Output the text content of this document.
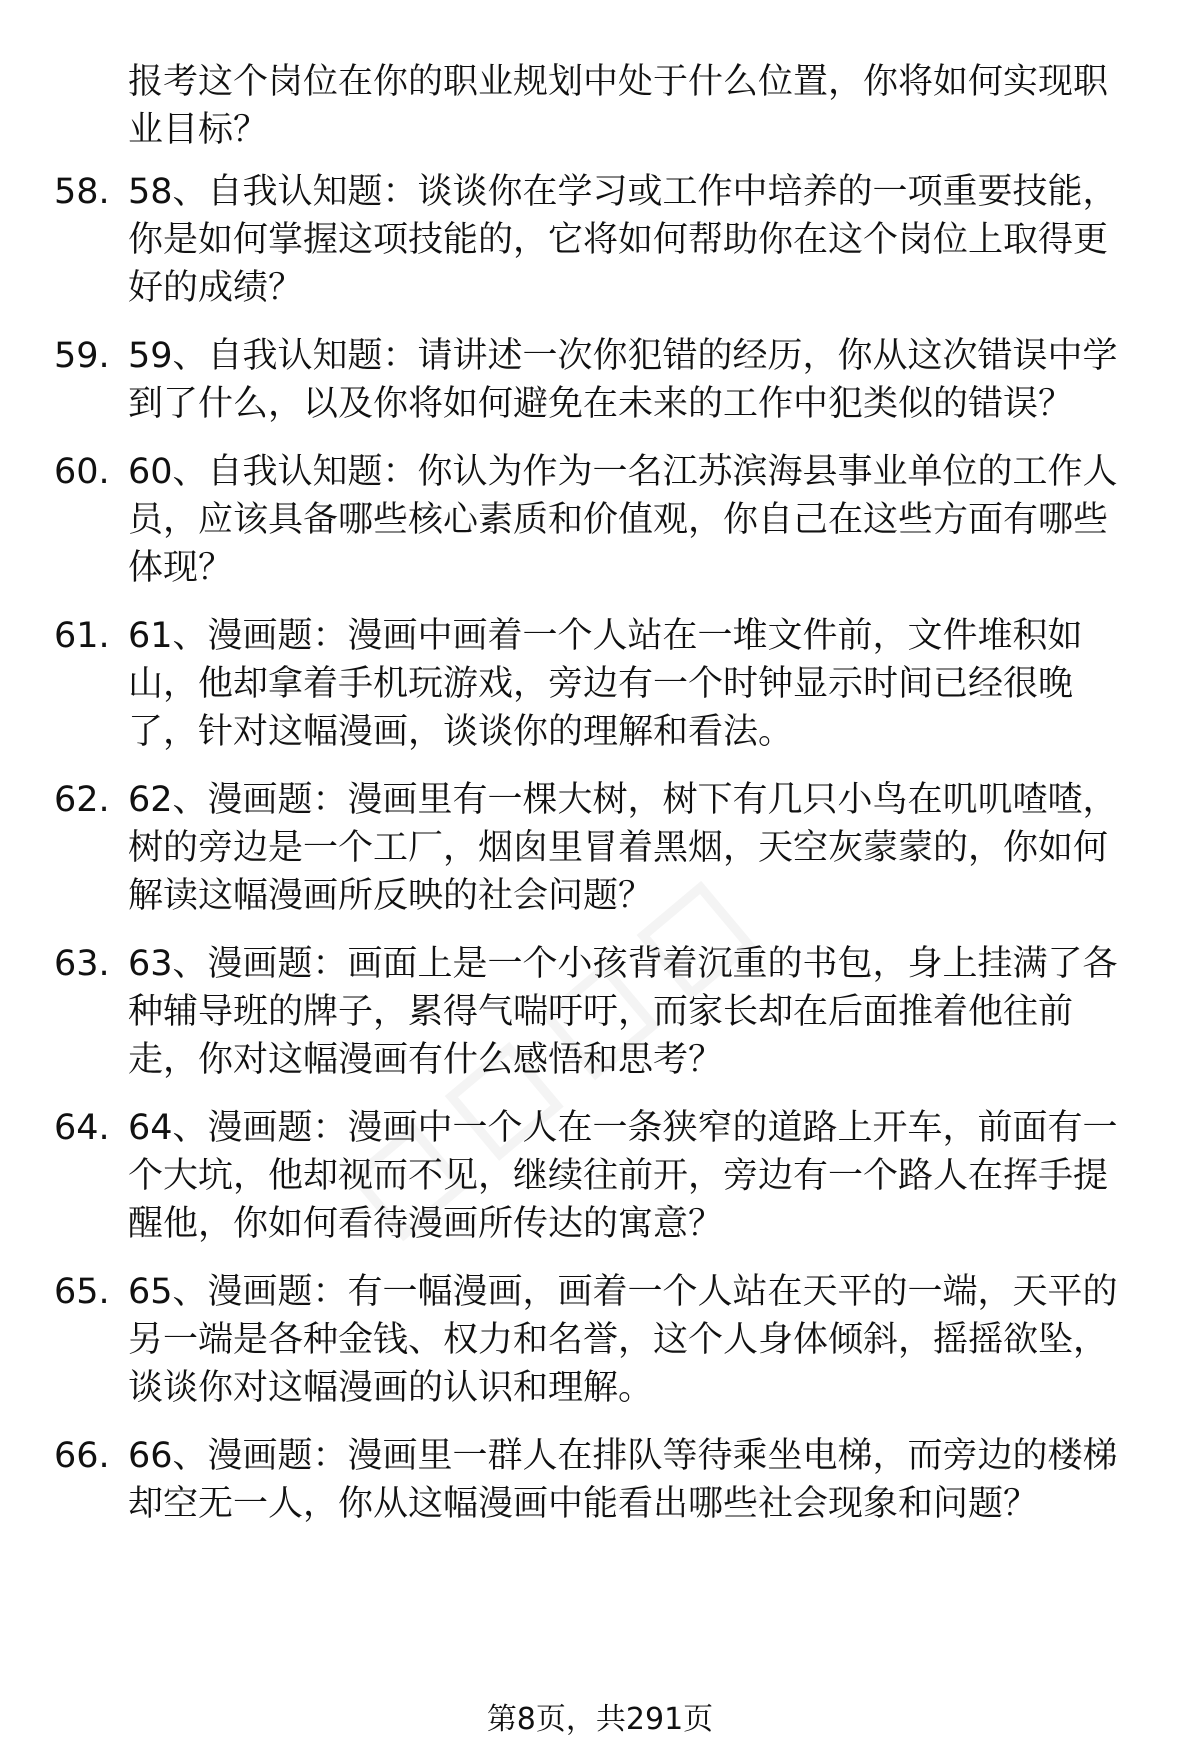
报考这个岗位在你的职业规划中处于什么位置，你将如何实现职业目标？
58. 58、自我认知题：谈谈你在学习或工作中培养的一项重要技能，你是如何掌握这项技能的，它将如何帮助你在这个岗位上取得更好的成绩？
59. 59、自我认知题：请讲述一次你犯错的经历，你从这次错误中学到了什么，以及你将如何避免在未来的工作中犯类似的错误？
60. 60、自我认知题：你认为作为一名江苏滨海县事业单位的工作人员，应该具备哪些核心素质和价值观，你自己在这些方面有哪些体现？
61. 61、漫画题：漫画中画着一个人站在一堆文件前，文件堆积如山，他却拿着手机玩游戏，旁边有一个时钟显示时间已经很晚了，针对这幅漫画，谈谈你的理解和看法。
62. 62、漫画题：漫画里有一棵大树，树下有几只小鸟在叽叽喳喳，树的旁边是一个工厂，烟囱里冒着黑烟，天空灰蒙蒙的，你如何解读这幅漫画所反映的社会问题？
63. 63、漫画题：画面上是一个小孩背着沉重的书包，身上挂满了各种辅导班的牌子，累得气喘吁吁，而家长却在后面推着他往前走，你对这幅漫画有什么感悟和思考？
64. 64、漫画题：漫画中一个人在一条狭窄的道路上开车，前面有一个大坑，他却视而不见，继续往前开，旁边有一个路人在挥手提醒他，你如何看待漫画所传达的寓意？
65. 65、漫画题：有一幅漫画，画着一个人站在天平的一端，天平的另一端是各种金钱、权力和名誉，这个人身体倾斜，摇摇欲坠，谈谈你对这幅漫画的认识和理解。
66. 66、漫画题：漫画里一群人在排队等待乘坐电梯，而旁边的楼梯却空无一人，你从这幅漫画中能看出哪些社会现象和问题？
第8页，共291页
